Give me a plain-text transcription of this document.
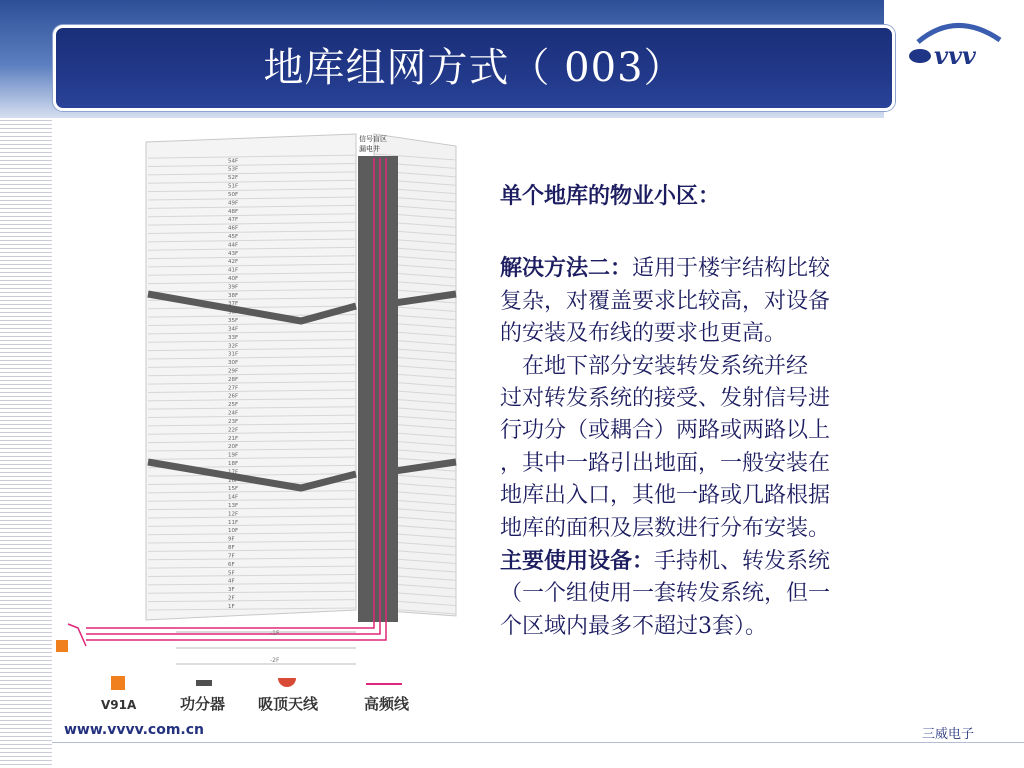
地库组网方式（ 003）	vvv
54F
53F
52F
51F
50F
49F
48F
47F
46F
45F
44F
43F
42F
41F
40F
39F
38F
37F
36F
35F
34F
33F
32F
31F
30F
29F
28F
27F
26F
25F
24F
23F
22F
21F
20F
19F
18F
17F
16F
15F
14F
13F
12F
11F
10F
9F
8F
7F
6F
5F
4F
3F
2F
1F
信号盲区
漏电井
-1F
-2F
V91A	功分器 吸顶天线	高频线

单个地库的物业小区：

解决方法二：适用于楼宇结构比较

复杂，对覆盖要求比较高，对设备

的安装及布线的要求也更高。

　在地下部分安装转发系统并经

过对转发系统的接受、发射信号进

行功分（或耦合）两路或两路以上

，其中一路引出地面，一般安装在

地库出入口，其他一路或几路根据

地库的面积及层数进行分布安装。

主要使用设备：手持机、转发系统

（一个组使用一套转发系统，但一

个区域内最多不超过3套）。

www.vvvv.com.cn	三威电子
